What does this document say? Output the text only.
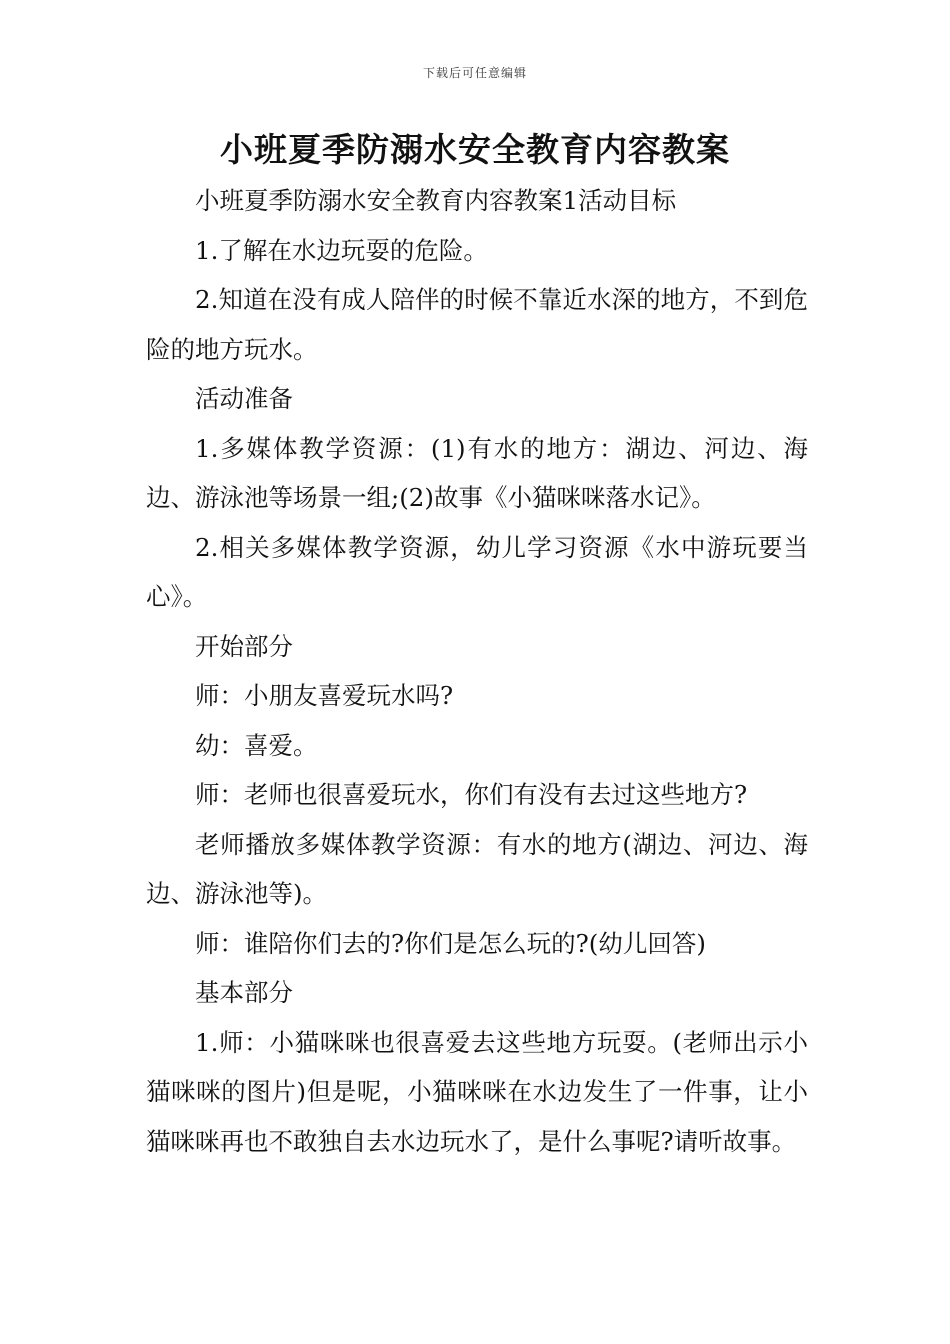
下载后可任意编辑
小班夏季防溺水安全教育内容教案

小班夏季防溺水安全教育内容教案1活动目标

1.了解在水边玩耍的危险。

2.知道在没有成人陪伴的时候不靠近水深的地方，不到危险的地方玩水。

活动准备

1.多媒体教学资源：(1)有水的地方：湖边、河边、海边、游泳池等场景一组;(2)故事《小猫咪咪落水记》。

2.相关多媒体教学资源，幼儿学习资源《水中游玩要当心》。

开始部分

师：小朋友喜爱玩水吗?

幼：喜爱。

师：老师也很喜爱玩水，你们有没有去过这些地方?

老师播放多媒体教学资源：有水的地方(湖边、河边、海边、游泳池等)。

师：谁陪你们去的?你们是怎么玩的?(幼儿回答)

基本部分

1.师：小猫咪咪也很喜爱去这些地方玩耍。(老师出示小猫咪咪的图片)但是呢，小猫咪咪在水边发生了一件事，让小猫咪咪再也不敢独自去水边玩水了，是什么事呢?请听故事。
